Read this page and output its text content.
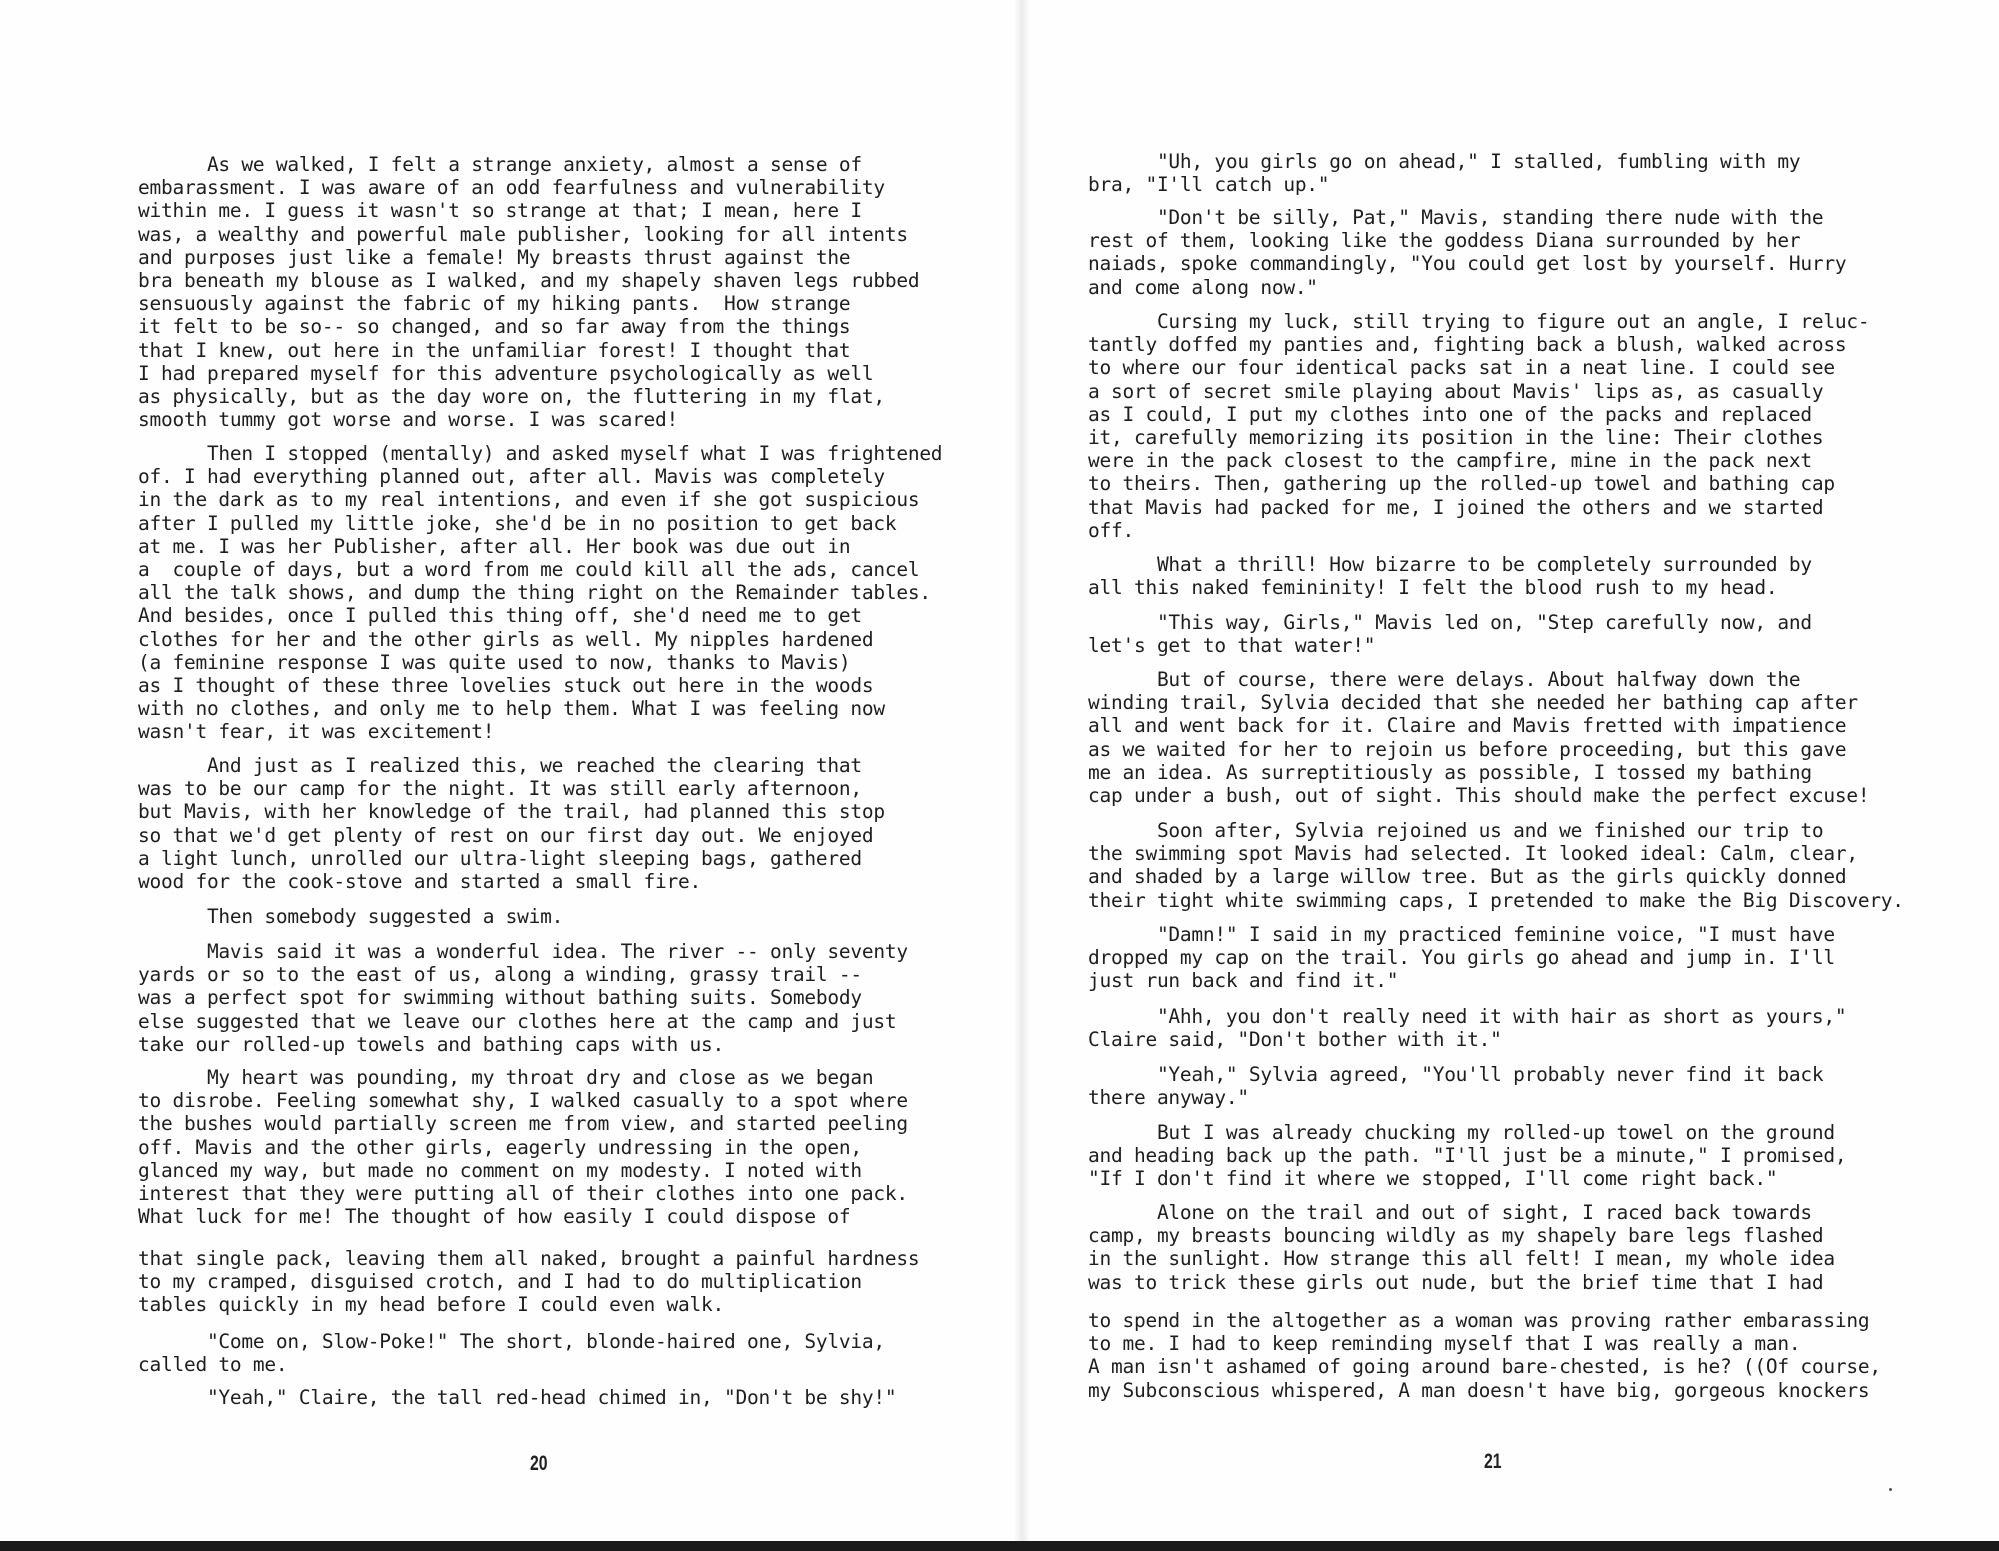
As we walked, I felt a strange anxiety, almost a sense of
embarassment. I was aware of an odd fearfulness and vulnerability
within me. I guess it wasn't so strange at that; I mean, here I
was, a wealthy and powerful male publisher, looking for all intents
and purposes just like a female! My breasts thrust against the
bra beneath my blouse as I walked, and my shapely shaven legs rubbed
sensuously against the fabric of my hiking pants.  How strange
it felt to be so-- so changed, and so far away from the things
that I knew, out here in the unfamiliar forest! I thought that
I had prepared myself for this adventure psychologically as well
as physically, but as the day wore on, the fluttering in my flat,
smooth tummy got worse and worse. I was scared!

Then I stopped (mentally) and asked myself what I was frightened
of. I had everything planned out, after all. Mavis was completely
in the dark as to my real intentions, and even if she got suspicious
after I pulled my little joke, she'd be in no position to get back
at me. I was her Publisher, after all. Her book was due out in
a  couple of days, but a word from me could kill all the ads, cancel
all the talk shows, and dump the thing right on the Remainder tables.
And besides, once I pulled this thing off, she'd need me to get
clothes for her and the other girls as well. My nipples hardened
(a feminine response I was quite used to now, thanks to Mavis)
as I thought of these three lovelies stuck out here in the woods
with no clothes, and only me to help them. What I was feeling now
wasn't fear, it was excitement!

And just as I realized this, we reached the clearing that
was to be our camp for the night. It was still early afternoon,
but Mavis, with her knowledge of the trail, had planned this stop
so that we'd get plenty of rest on our first day out. We enjoyed
a light lunch, unrolled our ultra-light sleeping bags, gathered
wood for the cook-stove and started a small fire.

Then somebody suggested a swim.

Mavis said it was a wonderful idea. The river -- only seventy
yards or so to the east of us, along a winding, grassy trail --
was a perfect spot for swimming without bathing suits. Somebody
else suggested that we leave our clothes here at the camp and just
take our rolled-up towels and bathing caps with us.

My heart was pounding, my throat dry and close as we began
to disrobe. Feeling somewhat shy, I walked casually to a spot where
the bushes would partially screen me from view, and started peeling
off. Mavis and the other girls, eagerly undressing in the open,
glanced my way, but made no comment on my modesty. I noted with
interest that they were putting all of their clothes into one pack.
What luck for me! The thought of how easily I could dispose of

that single pack, leaving them all naked, brought a painful hardness
to my cramped, disguised crotch, and I had to do multiplication
tables quickly in my head before I could even walk.

"Come on, Slow-Poke!" The short, blonde-haired one, Sylvia,
called to me.

"Yeah," Claire, the tall red-head chimed in, "Don't be shy!"

20

"Uh, you girls go on ahead," I stalled, fumbling with my
bra, "I'll catch up."

"Don't be silly, Pat," Mavis, standing there nude with the
rest of them, looking like the goddess Diana surrounded by her
naiads, spoke commandingly, "You could get lost by yourself. Hurry
and come along now."

Cursing my luck, still trying to figure out an angle, I reluc-
tantly doffed my panties and, fighting back a blush, walked across
to where our four identical packs sat in a neat line. I could see
a sort of secret smile playing about Mavis' lips as, as casually
as I could, I put my clothes into one of the packs and replaced
it, carefully memorizing its position in the line: Their clothes
were in the pack closest to the campfire, mine in the pack next
to theirs. Then, gathering up the rolled-up towel and bathing cap
that Mavis had packed for me, I joined the others and we started
off.

What a thrill! How bizarre to be completely surrounded by
all this naked femininity! I felt the blood rush to my head.

"This way, Girls," Mavis led on, "Step carefully now, and
let's get to that water!"

But of course, there were delays. About halfway down the
winding trail, Sylvia decided that she needed her bathing cap after
all and went back for it. Claire and Mavis fretted with impatience
as we waited for her to rejoin us before proceeding, but this gave
me an idea. As surreptitiously as possible, I tossed my bathing
cap under a bush, out of sight. This should make the perfect excuse!

Soon after, Sylvia rejoined us and we finished our trip to
the swimming spot Mavis had selected. It looked ideal: Calm, clear,
and shaded by a large willow tree. But as the girls quickly donned
their tight white swimming caps, I pretended to make the Big Discovery.

"Damn!" I said in my practiced feminine voice, "I must have
dropped my cap on the trail. You girls go ahead and jump in. I'll
just run back and find it."

"Ahh, you don't really need it with hair as short as yours,"
Claire said, "Don't bother with it."

"Yeah," Sylvia agreed, "You'll probably never find it back
there anyway."

But I was already chucking my rolled-up towel on the ground
and heading back up the path. "I'll just be a minute," I promised,
"If I don't find it where we stopped, I'll come right back."

Alone on the trail and out of sight, I raced back towards
camp, my breasts bouncing wildly as my shapely bare legs flashed
in the sunlight. How strange this all felt! I mean, my whole idea
was to trick these girls out nude, but the brief time that I had

to spend in the altogether as a woman was proving rather embarassing
to me. I had to keep reminding myself that I was really a man.
A man isn't ashamed of going around bare-chested, is he? ((Of course,
my Subconscious whispered, A man doesn't have big, gorgeous knockers

21
